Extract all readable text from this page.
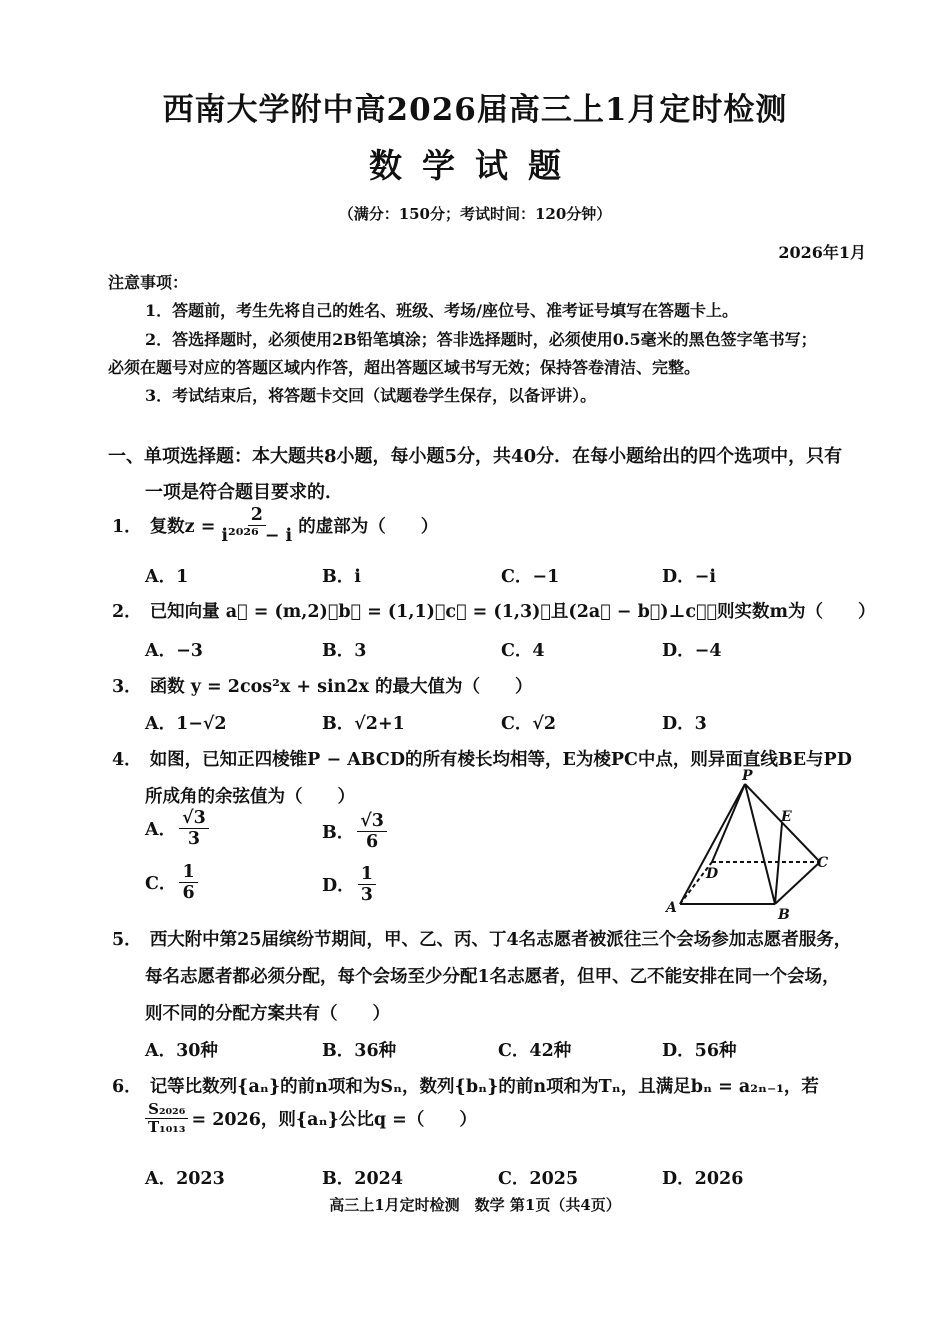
西南大学附中高2026届高三上1月定时检测
数学试题
（满分：150分；考试时间：120分钟）
2026年1月
注意事项：
1．答题前，考生先将自己的姓名、班级、考场/座位号、准考证号填写在答题卡上。
2．答选择题时，必须使用2B铅笔填涂；答非选择题时，必须使用0.5毫米的黑色签字笔书写；
必须在题号对应的答题区域内作答，超出答题区域书写无效；保持答卷清洁、完整。
3．考试结束后，将答题卡交回（试题卷学生保存，以备评讲）。
一、单项选择题：本大题共8小题，每小题5分，共40分．在每小题给出的四个选项中，只有
一项是符合题目要求的．
1． 复数$z = \frac{2}{\text{i²⁰²⁶ − i}}$ 的虚部为（　　）
A．1	B．i	C．−1	D．−i
2． 已知向量 a⃗ = (m,2)，b⃗ = (1,1)，c⃗ = (1,3)，且(2a⃗ − b⃗)⊥c⃗，则实数m为（　　）
A．−3	B．3	C．4	D．−4
3． 函数 y = 2cos²x + sin2x 的最大值为（　　）
A．1−√2	B．√2+1	C．√2	D．3
4． 如图，已知正四棱锥P − ABCD的所有棱长均相等，E为棱PC中点，则异面直线BE与PD
所成角的余弦值为（　　）
A． $\frac{√3}{3}$	B． $\frac{√3}{6}$
C． $\frac{1}{6}$	D． $\frac{1}{3}$
P
E
C
D
A	B
5． 西大附中第25届缤纷节期间，甲、乙、丙、丁4名志愿者被派往三个会场参加志愿者服务，
每名志愿者都必须分配，每个会场至少分配1名志愿者，但甲、乙不能安排在同一个会场，
则不同的分配方案共有（　　）
A．30种	B．36种	C．42种	D．56种
6． 记等比数列{aₙ}的前n项和为Sₙ，数列{bₙ}的前n项和为Tₙ，且满足bₙ = a₂ₙ₋₁，若
$\frac{\text{S₂₀₂₆}}{\text{T₁₀₁₃}} = 2026$，则{aₙ}公比q =（　　）
A．2023	B．2024	C．2025	D．2026
高三上1月定时检测　数学 第1页（共4页）
